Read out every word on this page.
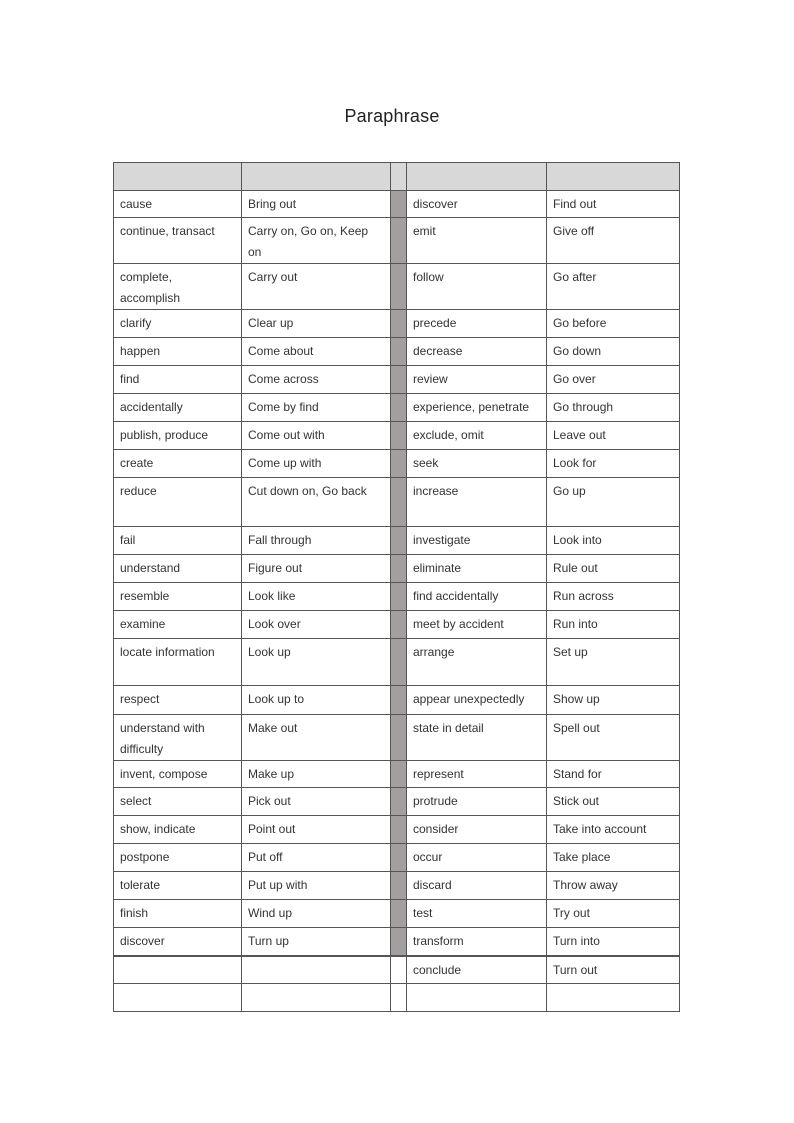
Paraphrase

cause	Bring out		discover	Find out
continue, transact	Carry on, Go on, Keep on		emit	Give off
complete, accomplish	Carry out		follow	Go after
clarify	Clear up		precede	Go before
happen	Come about		decrease	Go down
find	Come across		review	Go over
accidentally	Come by find		experience, penetrate	Go through
publish, produce	Come out with		exclude, omit	Leave out
create	Come up with		seek	Look for
reduce	Cut down on, Go back		increase	Go up
fail	Fall through		investigate	Look into
understand	Figure out		eliminate	Rule out
resemble	Look like		find accidentally	Run across
examine	Look over		meet by accident	Run into
locate information	Look up		arrange	Set up
respect	Look up to		appear unexpectedly	Show up
understand with difficulty	Make out		state in detail	Spell out
invent, compose	Make up		represent	Stand for
select	Pick out		protrude	Stick out
show, indicate	Point out		consider	Take into account
postpone	Put off		occur	Take place
tolerate	Put up with		discard	Throw away
finish	Wind up		test	Try out
discover	Turn up		transform	Turn into
			conclude	Turn out
